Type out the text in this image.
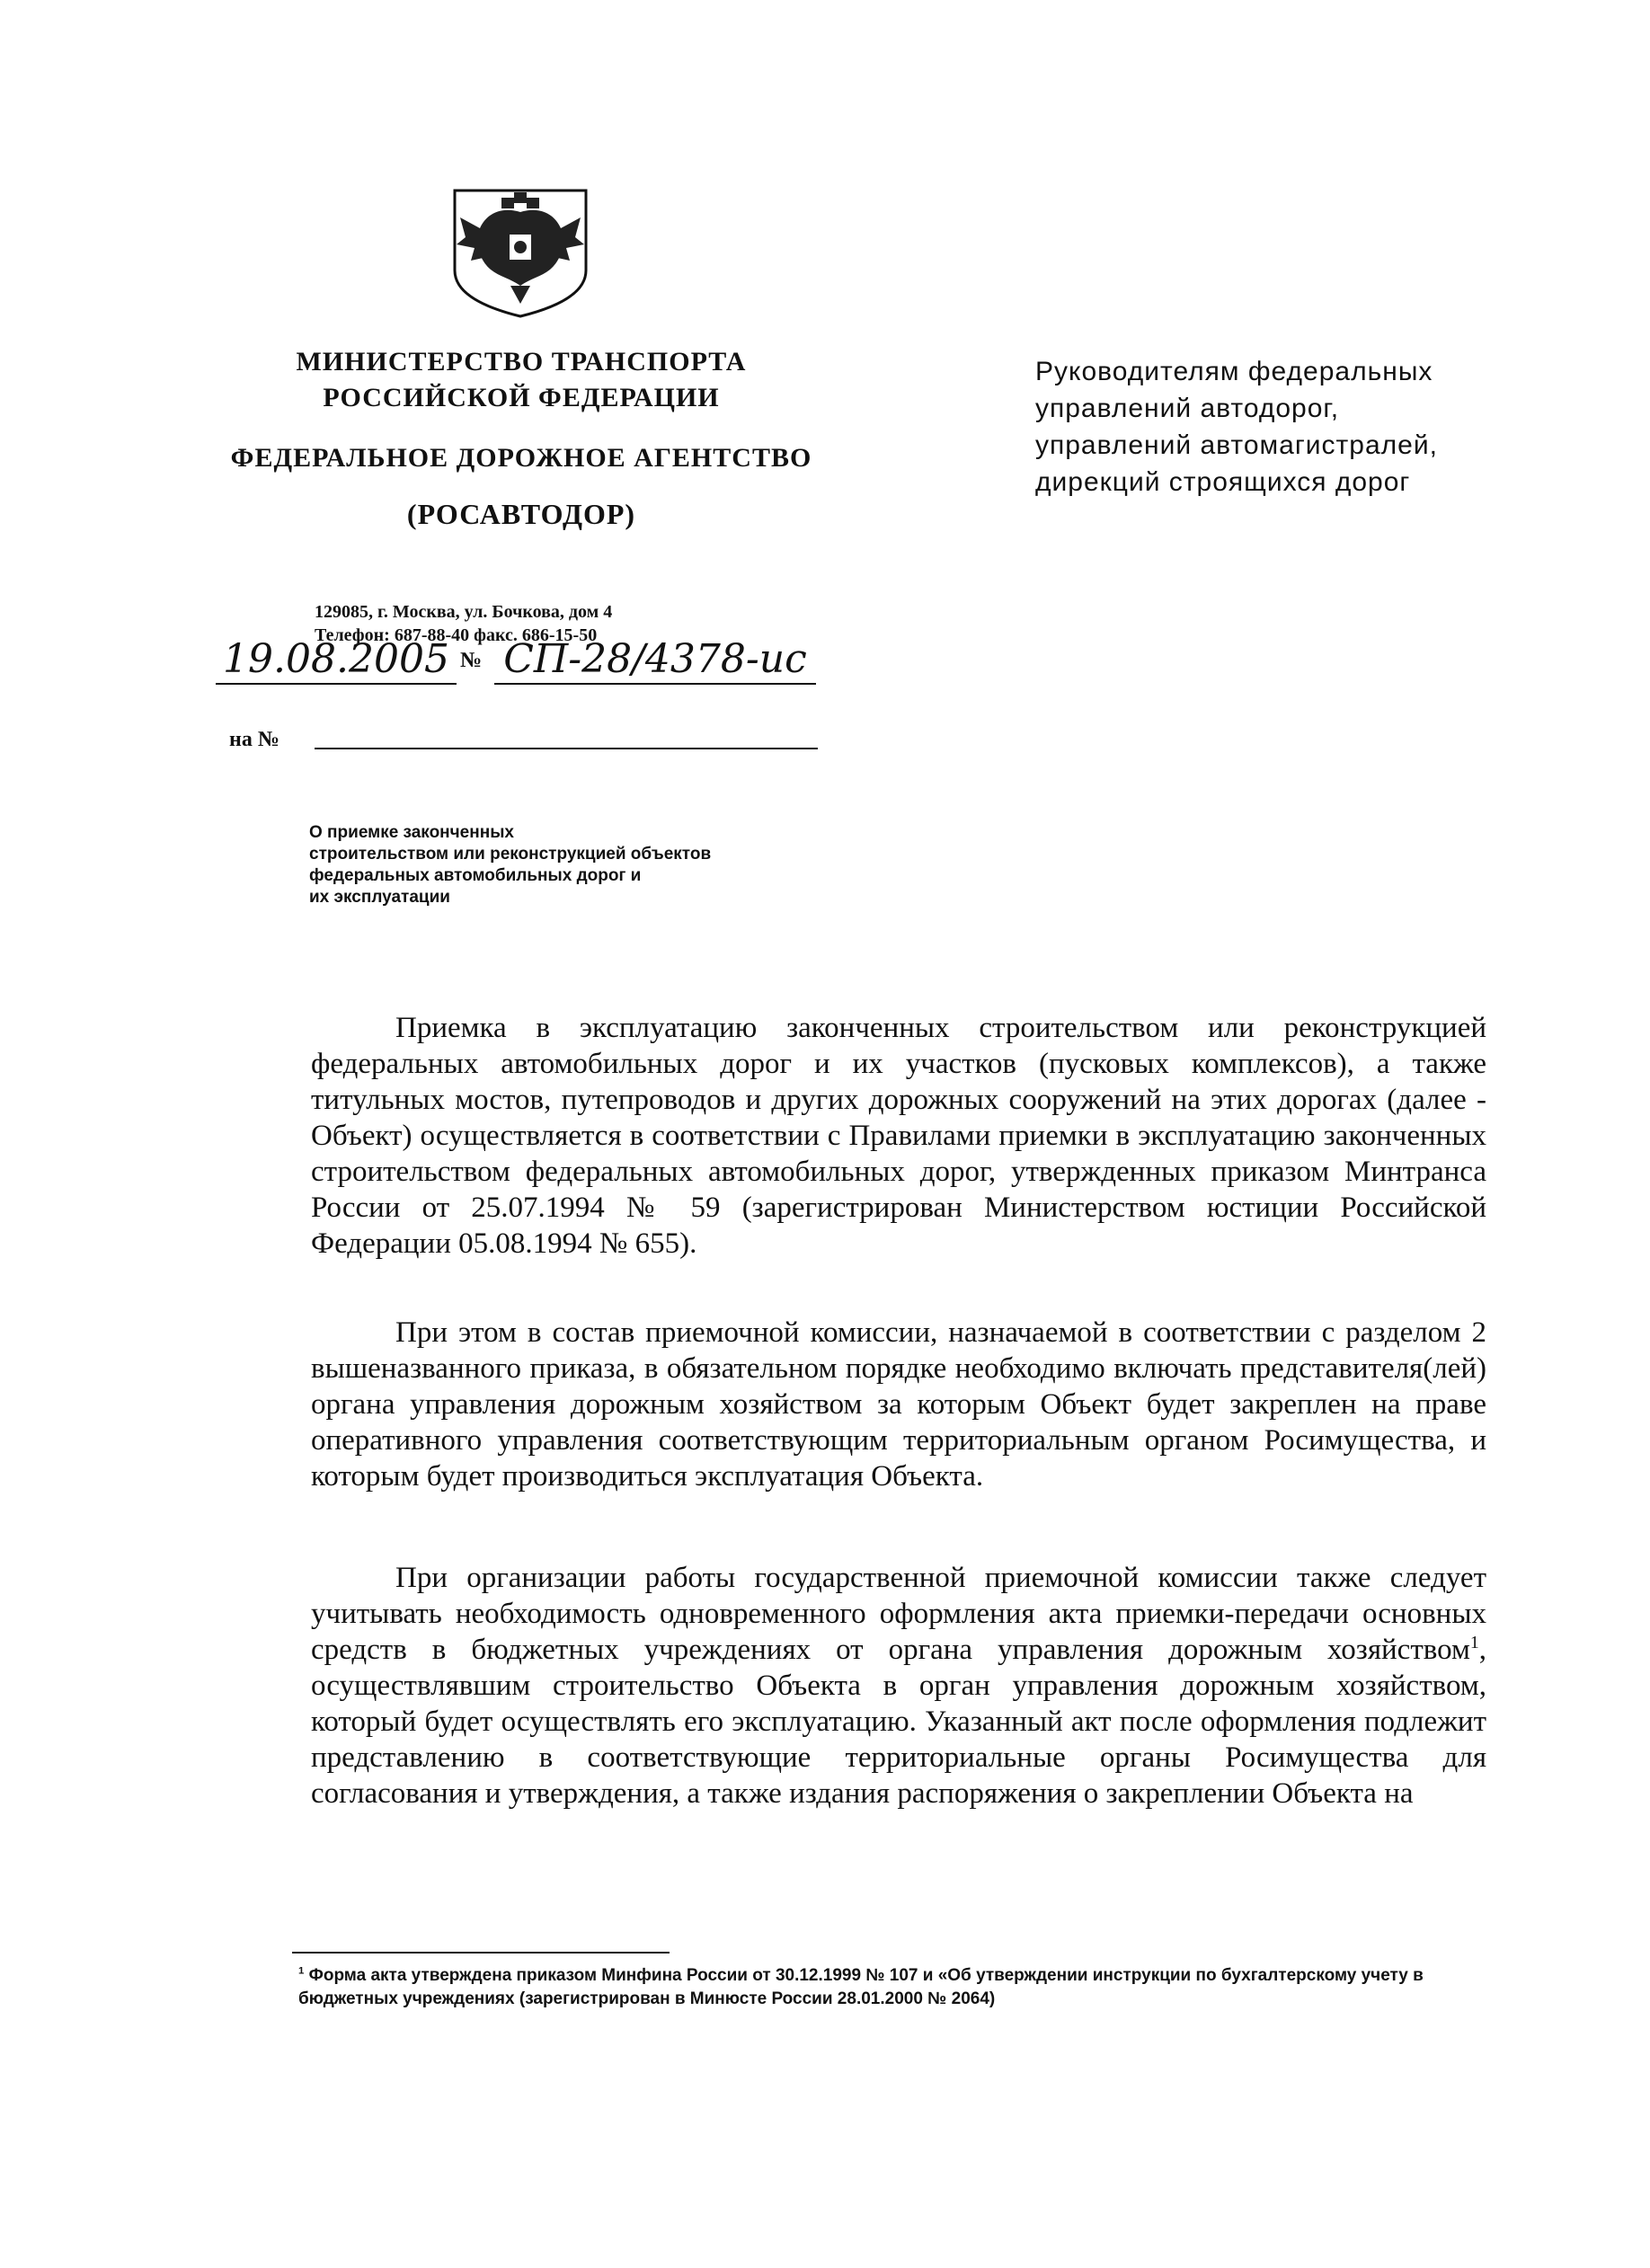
МИНИСТЕРСТВО ТРАНСПОРТА
РОССИЙСКОЙ ФЕДЕРАЦИИ
ФЕДЕРАЛЬНОЕ ДОРОЖНОЕ АГЕНТСТВО
(РОСАВТОДОР)
Руководителям федеральных
управлений автодорог,
управлений автомагистралей,
дирекций строящихся дорог
129085, г. Москва, ул. Бочкова, дом 4
Телефон: 687-88-40 факс. 686-15-50
19.08.2005 № СП-28/4378-ис
на №
О приемке законченных
строительством или реконструкцией объектов
федеральных автомобильных дорог и
их эксплуатации

Приемка в эксплуатацию законченных строительством или реконструкцией федеральных автомобильных дорог и их участков (пусковых комплексов), а также титульных мостов, путепроводов и других дорожных сооружений на этих дорогах (далее - Объект) осуществляется в соответствии с Правилами приемки в эксплуатацию законченных строительством федеральных автомобильных дорог, утвержденных приказом Минтранса России от 25.07.1994 № 59 (зарегистрирован Министерством юстиции Российской Федерации 05.08.1994 № 655).

При этом в состав приемочной комиссии, назначаемой в соответствии с разделом 2 вышеназванного приказа, в обязательном порядке необходимо включать представителя(лей) органа управления дорожным хозяйством за которым Объект будет закреплен на праве оперативного управления соответствующим территориальным органом Росимущества, и которым будет производиться эксплуатация Объекта.

При организации работы государственной приемочной комиссии также следует учитывать необходимость одновременного оформления акта приемки-передачи основных средств в бюджетных учреждениях от органа управления дорожным хозяйством$^1$, осуществлявшим строительство Объекта в орган управления дорожным хозяйством, который будет осуществлять его эксплуатацию. Указанный акт после оформления подлежит представлению в соответствующие территориальные органы Росимущества для согласования и утверждения, а также издания распоряжения о закреплении Объекта на

$^1$ Форма акта утверждена приказом Минфина России от 30.12.1999 № 107 и «Об утверждении инструкции по бухгалтерскому учету в бюджетных учреждениях (зарегистрирован в Минюсте России 28.01.2000 № 2064)
